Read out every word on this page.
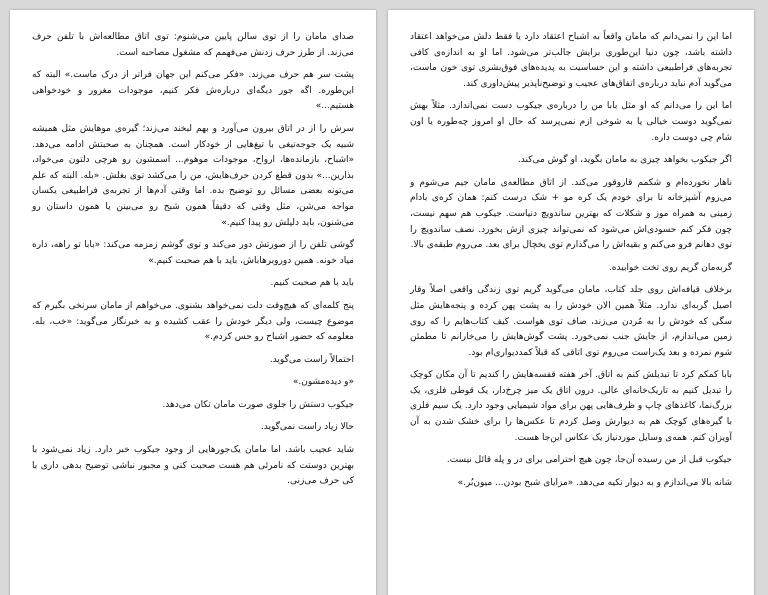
صدای مامان را از توی سالن پایین می‌شنوم: توی اتاق مطالعه‌اش با تلفن حرف می‌زند. از طرز حرف زدنش می‌فهمم که مشغول مصاحبه است.

پشت سر هم حرف می‌زند. «فکر می‌کنم این جهان فراتر از درک ماست.» البته که این‌طوره. اگه جور دیگه‌ای درباره‌ش فکر کنیم، موجودات مغرور و خودخواهی هستیم...»

سرش را از در اتاق بیرون می‌آورد و بهم لبخند می‌زند؛ گیره‌ی موهایش مثل همیشه شبیه یک جوجه‌تیغی با تیغ‌هایی از خودکار است. همچنان به صحبتش ادامه می‌دهد. «اشباح، بازمانده‌ها، ارواح، موجودات موهوم... اسمشون رو هرچی دلتون می‌خواد، بذارین...» بدون قطع کردن حرف‌هایش، من را می‌کشد توی بغلش. «بله. البته که علم می‌تونه بعضی مسائل رو توضیح بده. اما وقتی آدم‌ها از تجربه‌ی فراطبیعی یکسان مواجه می‌شن، مثل وقتی که دقیقاً همون شبح رو می‌بینن یا همون داستان رو می‌شنون، باید دلیلش رو پیدا کنیم.»

گوشی تلفن را از صورتش دور می‌کند و توی گوشم زمزمه می‌کند: «بابا تو راهه، داره میاد خونه. همین دوروبرهاباش، باید با هم صحبت کنیم.»

باید با هم صحبت کنیم.

پنج کلمه‌ای که هیچ‌وقت دلت نمی‌خواهد بشنوی. می‌خواهم از مامان سرنخی بگیرم که موضوع چیست، ولی دیگر خودش را عقب کشیده و به خبرنگار می‌گوید: «خب، بله. معلومه که حضور اشباح رو حس کردم.»

احتمالاً راست می‌گوید.

«و دیده‌مشون.»

جیکوب دستش را جلوی صورت مامان تکان می‌دهد.

حالا زیاد راست نمی‌گوید.

شاید عجیب باشد، اما مامان یک‌جورهایی از وجود جیکوب خبر دارد. زیاد نمی‌شود با بهترین دوستت که نامرئی هم هست صحبت کنی و مجبور نباشی توضیح بدهی داری با کی حرف می‌زنی.

اما این را نمی‌دانم که مامان واقعاً به اشباح اعتقاد دارد یا فقط دلش می‌خواهد اعتقاد داشته باشد، چون دنیا این‌طوری برایش جالب‌تر می‌شود. اما او به اندازه‌ی کافی تجربه‌های فراطبیعی داشته و این حساسیت به پدیده‌های فوق‌بشری توی خون ماست، می‌گوید آدم نباید درباره‌ی اتفاق‌های عجیب و توضیح‌ناپذیر پیش‌داوری کند.

اما این را می‌دانم که او مثل بابا من را درباره‌ی جیکوب دست نمی‌اندازد. مثلاً بهش نمی‌گوید دوست خیالی یا به شوخی ازم نمی‌پرسد که حال او امروز چه‌طوره یا اون شام چی دوست داره.

اگر جیکوب بخواهد چیزی به مامان بگوید، او گوش می‌کند.

ناهار نخورده‌ام و شکمم قاروقور می‌کند. از اتاق مطالعه‌ی مامان جیم می‌شوم و می‌روم آشپزخانه تا برای خودم یک کره مو + شک درست کنم: همان کره‌ی بادام زمینی به همراه موز و شکلات که بهترین ساندویچ دنیاست. جیکوب هم سهم نیست، چون فکر کنم حسودی‌اش می‌شود که نمی‌تواند چیزی ازش بخورد. نصف ساندویچ را توی دهانم فرو می‌کنم و بقیه‌اش را می‌گذارم توی یخچال برای بعد. می‌روم طبقه‌ی بالا.

گربه‌مان گریم روی تخت خوابیده.

برخلاف قیافه‌اش روی جلد کتاب، مامان می‌گوید گریم توی زندگی واقعی اصلاً وقار اصیل گربه‌ای ندارد. مثلاً همین الان خودش را به پشت پهن کرده و پنجه‌هایش مثل سگی که خودش را به مُردن می‌زند، صاف توی هواست. کیف کتاب‌هایم را که روی زمین می‌اندازم، از جایش جنب نمی‌خورد. پشت گوش‌هایش را می‌خارانم تا مطمئن شوم نمرده و بعد یک‌راست می‌روم توی اتاقی که قبلاً کمددیواری‌ام بود.

بابا کمکم کرد تا تبدیلش کنم به اتاق. آخر هفته قفسه‌هایش را کندیم تا آن مکان کوچک را تبدیل کنیم به تاریک‌خانه‌ای عالی. درون اتاق یک میز چرخ‌دار، یک قوطی فلزی، یک بزرگ‌نما، کاغذهای چاپ و ظرف‌هایی پهن برای مواد شیمیایی وجود دارد. یک سیم فلزی با گیره‌های کوچک هم به دیوارش وصل کردم تا عکس‌ها را برای خشک شدن به آن آویزان کنم. همه‌ی وسایل موردنیاز یک عکاس این‌جا هست.

جیکوب قبل از من رسیده آن‌جا، چون هیچ احترامی برای در و پله قائل نیست.

شانه بالا می‌اندازم و به دیوار تکیه می‌دهد. «مزایای شبح بودن... میون‌بُر.»
